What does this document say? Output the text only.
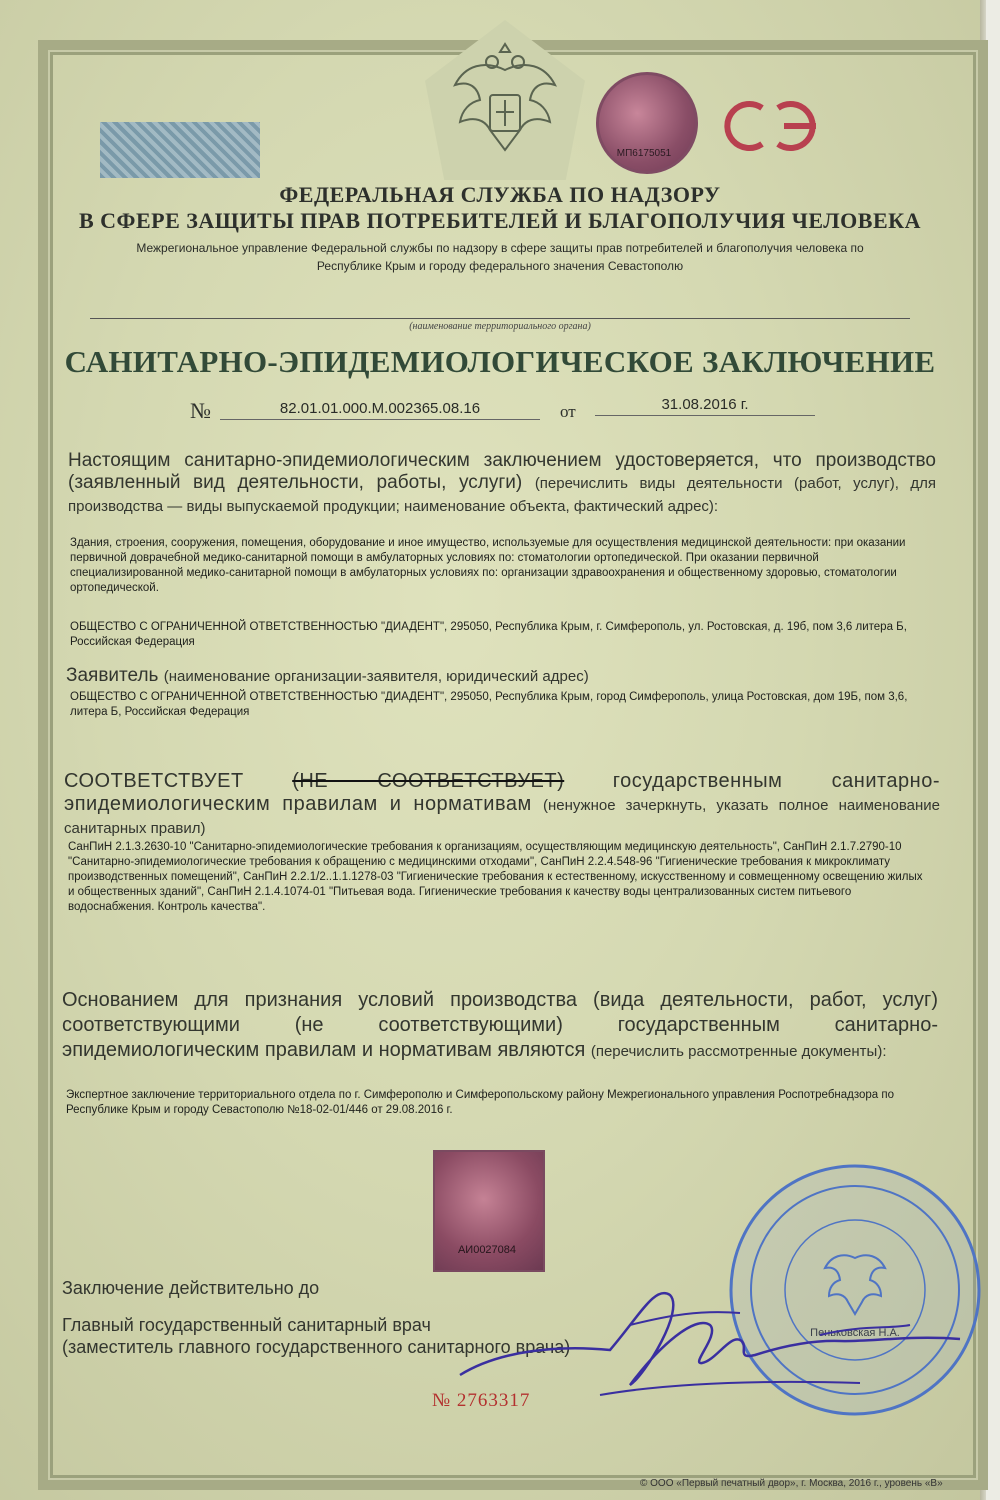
МП6175051	СЭ
ФЕДЕРАЛЬНАЯ СЛУЖБА ПО НАДЗОРУ
В СФЕРЕ ЗАЩИТЫ ПРАВ ПОТРЕБИТЕЛЕЙ И БЛАГОПОЛУЧИЯ ЧЕЛОВЕКА
Межрегиональное управление Федеральной службы по надзору в сфере защиты прав потребителей и благополучия человека по
Республике Крым и городу федерального значения Севастополю
(наименование территориального органа)
САНИТАРНО-ЭПИДЕМИОЛОГИЧЕСКОЕ ЗАКЛЮЧЕНИЕ
№	82.01.01.000.М.002365.08.16	от	31.08.2016 г.
Настоящим санитарно-эпидемиологическим заключением удостоверяется, что производство (заявленный вид деятельности, работы, услуги) (перечислить виды деятельности (работ, услуг), для производства — виды выпускаемой продукции; наименование объекта, фактический адрес):
Здания, строения, сооружения, помещения, оборудование и иное имущество, используемые для осуществления медицинской деятельности: при оказании первичной доврачебной медико-санитарной помощи в амбулаторных условиях по: стоматологии ортопедической. При оказании первичной специализированной медико-санитарной помощи в амбулаторных условиях по: организации здравоохранения и общественному здоровью, стоматологии ортопедической.
ОБЩЕСТВО С ОГРАНИЧЕННОЙ ОТВЕТСТВЕННОСТЬЮ "ДИАДЕНТ", 295050, Республика Крым, г. Симферополь, ул. Ростовская, д. 19б, пом 3,6 литера Б, Российская Федерация
Заявитель (наименование организации-заявителя, юридический адрес)
ОБЩЕСТВО С ОГРАНИЧЕННОЙ ОТВЕТСТВЕННОСТЬЮ "ДИАДЕНТ", 295050, Республика Крым, город Симферополь, улица Ростовская, дом 19Б, пом 3,6, литера Б, Российская Федерация
СООТВЕТСТВУЕТ (НЕ СООТВЕТСТВУЕТ) государственным санитарно-эпидемиологическим правилам и нормативам (ненужное зачеркнуть, указать полное наименование санитарных правил)
СанПиН 2.1.3.2630-10 "Санитарно-эпидемиологические требования к организациям, осуществляющим медицинскую деятельность", СанПиН 2.1.7.2790-10 "Санитарно-эпидемиологические требования к обращению с медицинскими отходами", СанПиН 2.2.4.548-96 "Гигиенические требования к микроклимату производственных помещений", СанПиН 2.2.1/2..1.1.1278-03 "Гигиенические требования к естественному, искусственному и совмещенному освещению жилых и общественных зданий", СанПиН 2.1.4.1074-01 "Питьевая вода. Гигиенические требования к качеству воды централизованных систем питьевого водоснабжения. Контроль качества".
Основанием для признания условий производства (вида деятельности, работ, услуг) соответствующими (не соответствующими) государственным санитарно-эпидемиологическим правилам и нормативам являются (перечислить рассмотренные документы):
Экспертное заключение территориального отдела по г. Симферополю и Симферопольскому району Межрегионального управления Роспотребнадзора по Республике Крым и городу Севастополю №18-02-01/446 от 29.08.2016 г.
АИ0027084
Заключение действительно до
Главный государственный санитарный врач
(заместитель главного государственного санитарного врача)
Пеньковская Н.А.
№ 2763317
© ООО «Первый печатный двор», г. Москва, 2016 г., уровень «В»
